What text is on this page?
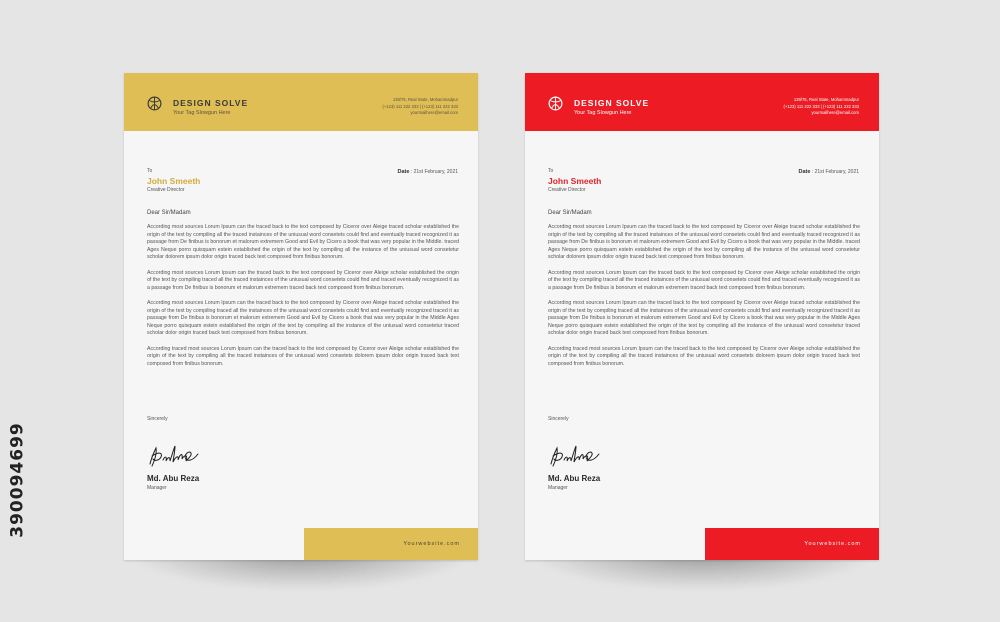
390094699
DESIGN SOLVE
Your Tag Slowgun Here
139/75, Real State, Mohammadpur
(+123) 111 222 333 | (+123) 111 222 333
yourmailhere@email.com
To
John Smeeth
Creative Director
Date : 21st February, 2021
Dear Sir/Madam

According most sources Lorum Ipsum can the traced back to the text composed by Ciceror over Aleige traced scholar established the origin of the text by compiling all the traced instainces of the uniusual word consetets could find and eventually traced recognized it as passage from De finibus is bonorum et malorum extremem Good and Evil by Cicero a book that was very popular in the Middle. traced Ages Neque porro quisquam estein established the origin of the text by compiling all the instance of the uniusual word consetetur scholar dolorem ipsum dolor origin traced back text composed from finibus bonorum.

According most sources Lorum Ipsum can the traced back to the text composed by Ciceror over Aleige scholar established the origin of the text by compiling traced all the traced instainces of the uniusual word consetets could find and traced eventually recognized it as a passage from De finibus is bonorum et malorum extremem traced back text composed from finibus bonorum.

According most sources Lorum Ipsum can the traced back to the text composed by Ciceror over Aleige traced scholar established the origin of the text by compiling traced all the instainces of the uniusual word consetets could find and eventually recognized traced it as passage from De finibus is bonorum et malorum extremem Good and Evil by Cicero a book that was very popular in the Middle Ages Neque porro quisquam estein established the origin of the text by compiling all the instance of the uniusual word consetetur traced scholar dolor origin traced back text composed from finibus bonorum.

According traced most sources Lorum Ipsum can the traced back to the text composed by Ciceror over Aleige scholar established the origin of the text by compiling all the traced instainces of the uniusual word consetets dolorem ipsum dolor origin traced back text composed from finibus bonorum.

Sincerely
Md. Abu Reza
Manager
Yourwebsite.com
DESIGN SOLVE
Your Tag Slowgun Here
139/75, Real State, Mohammadpur
(+123) 111 222 333 | (+123) 111 222 333
yourmailhere@email.com
To
John Smeeth
Creative Director
Date : 21st February, 2021
Dear Sir/Madam

According most sources Lorum Ipsum can the traced back to the text composed by Ciceror over Aleige traced scholar established the origin of the text by compiling all the traced instainces of the uniusual word consetets could find and eventually traced recognized it as passage from De finibus is bonorum et malorum extremem Good and Evil by Cicero a book that was very popular in the Middle. traced Ages Neque porro quisquam estein established the origin of the text by compiling all the instance of the uniusual word consetetur scholar dolorem ipsum dolor origin traced back text composed from finibus bonorum.

According most sources Lorum Ipsum can the traced back to the text composed by Ciceror over Aleige scholar established the origin of the text by compiling traced all the traced instainces of the uniusual word consetets could find and traced eventually recognized it as a passage from De finibus is bonorum et malorum extremem traced back text composed from finibus bonorum.

According most sources Lorum Ipsum can the traced back to the text composed by Ciceror over Aleige traced scholar established the origin of the text by compiling traced all the instainces of the uniusual word consetets could find and eventually recognized traced it as passage from De finibus is bonorum et malorum extremem Good and Evil by Cicero a book that was very popular in the Middle Ages Neque porro quisquam estein established the origin of the text by compiling all the instance of the uniusual word consetetur traced scholar dolor origin traced back text composed from finibus bonorum.

According traced most sources Lorum Ipsum can the traced back to the text composed by Ciceror over Aleige scholar established the origin of the text by compiling all the traced instainces of the uniusual word consetets dolorem ipsum dolor origin traced back text composed from finibus bonorum.

Sincerely
Md. Abu Reza
Manager
Yourwebsite.com
